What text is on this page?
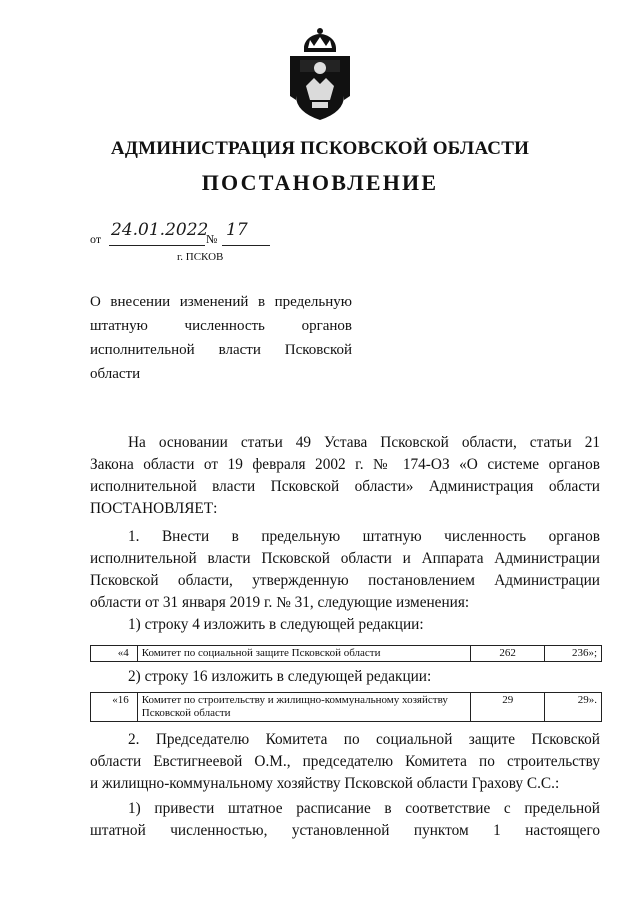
АДМИНИСТРАЦИЯ ПСКОВСКОЙ ОБЛАСТИ
ПОСТАНОВЛЕНИЕ
от 24.01.2022
№ 17
г. ПСКОВ
О внесении изменений в предельную
штатную численность органов
исполнительной власти Псковской
области
На основании статьи 49 Устава Псковской области, статьи 21
Закона области от 19 февраля 2002 г. № 174-ОЗ «О системе органов
исполнительной власти Псковской области» Администрация области
ПОСТАНОВЛЯЕТ:
1. Внести в предельную штатную численность органов
исполнительной власти Псковской области и Аппарата Администрации
Псковской области, утвержденную постановлением Администрации
области от 31 января 2019 г. № 31, следующие изменения:
1) строку 4 изложить в следующей редакции:
«4	Комитет по социальной защите Псковской области	262	236»;
2) строку 16 изложить в следующей редакции:
«16	Комитет по строительству и жилищно-коммунальному хозяйству Псковской области	29	29».
2. Председателю Комитета по социальной защите Псковской
области Евстигнеевой О.М., председателю Комитета по строительству
и жилищно-коммунальному хозяйству Псковской области Грахову С.С.:
1) привести штатное расписание в соответствие с предельной
штатной численностью, установленной пунктом 1 настоящего
